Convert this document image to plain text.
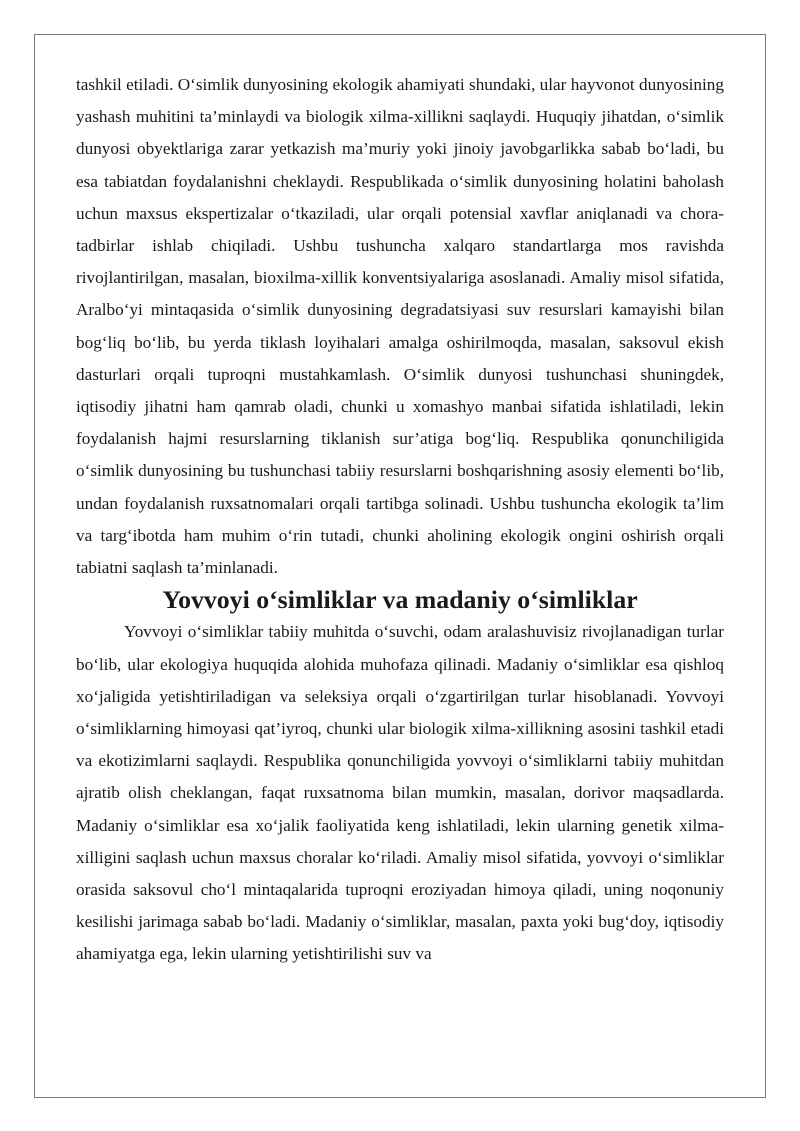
tashkil etiladi. O‘simlik dunyosining ekologik ahamiyati shundaki, ular hayvonot dunyosining yashash muhitini ta’minlaydi va biologik xilma-xillikni saqlaydi. Huquqiy jihatdan, o‘simlik dunyosi obyektlariga zarar yetkazish ma’muriy yoki jinoiy javobgarlikka sabab bo‘ladi, bu esa tabiatdan foydalanishni cheklaydi. Respublikada o‘simlik dunyosining holatini baholash uchun maxsus ekspertizalar o‘tkaziladi, ular orqali potensial xavflar aniqlanadi va chora-tadbirlar ishlab chiqiladi. Ushbu tushuncha xalqaro standartlarga mos ravishda rivojlantirilgan, masalan, bioxilma-xillik konventsiyalariga asoslanadi. Amaliy misol sifatida, Aralbo‘yi mintaqasida o‘simlik dunyosining degradatsiyasi suv resurslari kamayishi bilan bog‘liq bo‘lib, bu yerda tiklash loyihalari amalga oshirilmoqda, masalan, saksovul ekish dasturlari orqali tuproqni mustahkamlash. O‘simlik dunyosi tushunchasi shuningdek, iqtisodiy jihatni ham qamrab oladi, chunki u xomashyo manbai sifatida ishlatiladi, lekin foydalanish hajmi resurslarning tiklanish sur’atiga bog‘liq. Respublika qonunchiligida o‘simlik dunyosining bu tushunchasi tabiiy resurslarni boshqarishning asosiy elementi bo‘lib, undan foydalanish ruxsatnomalari orqali tartibga solinadi. Ushbu tushuncha ekologik ta’lim va targ‘ibotda ham muhim o‘rin tutadi, chunki aholining ekologik ongini oshirish orqali tabiatni saqlash ta’minlanadi.

Yovvoyi o‘simliklar va madaniy o‘simliklar

Yovvoyi o‘simliklar tabiiy muhitda o‘suvchi, odam aralashuvisiz rivojlanadigan turlar bo‘lib, ular ekologiya huquqida alohida muhofaza qilinadi. Madaniy o‘simliklar esa qishloq xo‘jaligida yetishtiriladigan va seleksiya orqali o‘zgartirilgan turlar hisoblanadi. Yovvoyi o‘simliklarning himoyasi qat’iyroq, chunki ular biologik xilma-xillikning asosini tashkil etadi va ekotizimlarni saqlaydi. Respublika qonunchiligida yovvoyi o‘simliklarni tabiiy muhitdan ajratib olish cheklangan, faqat ruxsatnoma bilan mumkin, masalan, dorivor maqsadlarda. Madaniy o‘simliklar esa xo‘jalik faoliyatida keng ishlatiladi, lekin ularning genetik xilma-xilligini saqlash uchun maxsus choralar ko‘riladi. Amaliy misol sifatida, yovvoyi o‘simliklar orasida saksovul cho‘l mintaqalarida tuproqni eroziyadan himoya qiladi, uning noqonuniy kesilishi jarimaga sabab bo‘ladi. Madaniy o‘simliklar, masalan, paxta yoki bug‘doy, iqtisodiy ahamiyatga ega, lekin ularning yetishtirilishi suv va
